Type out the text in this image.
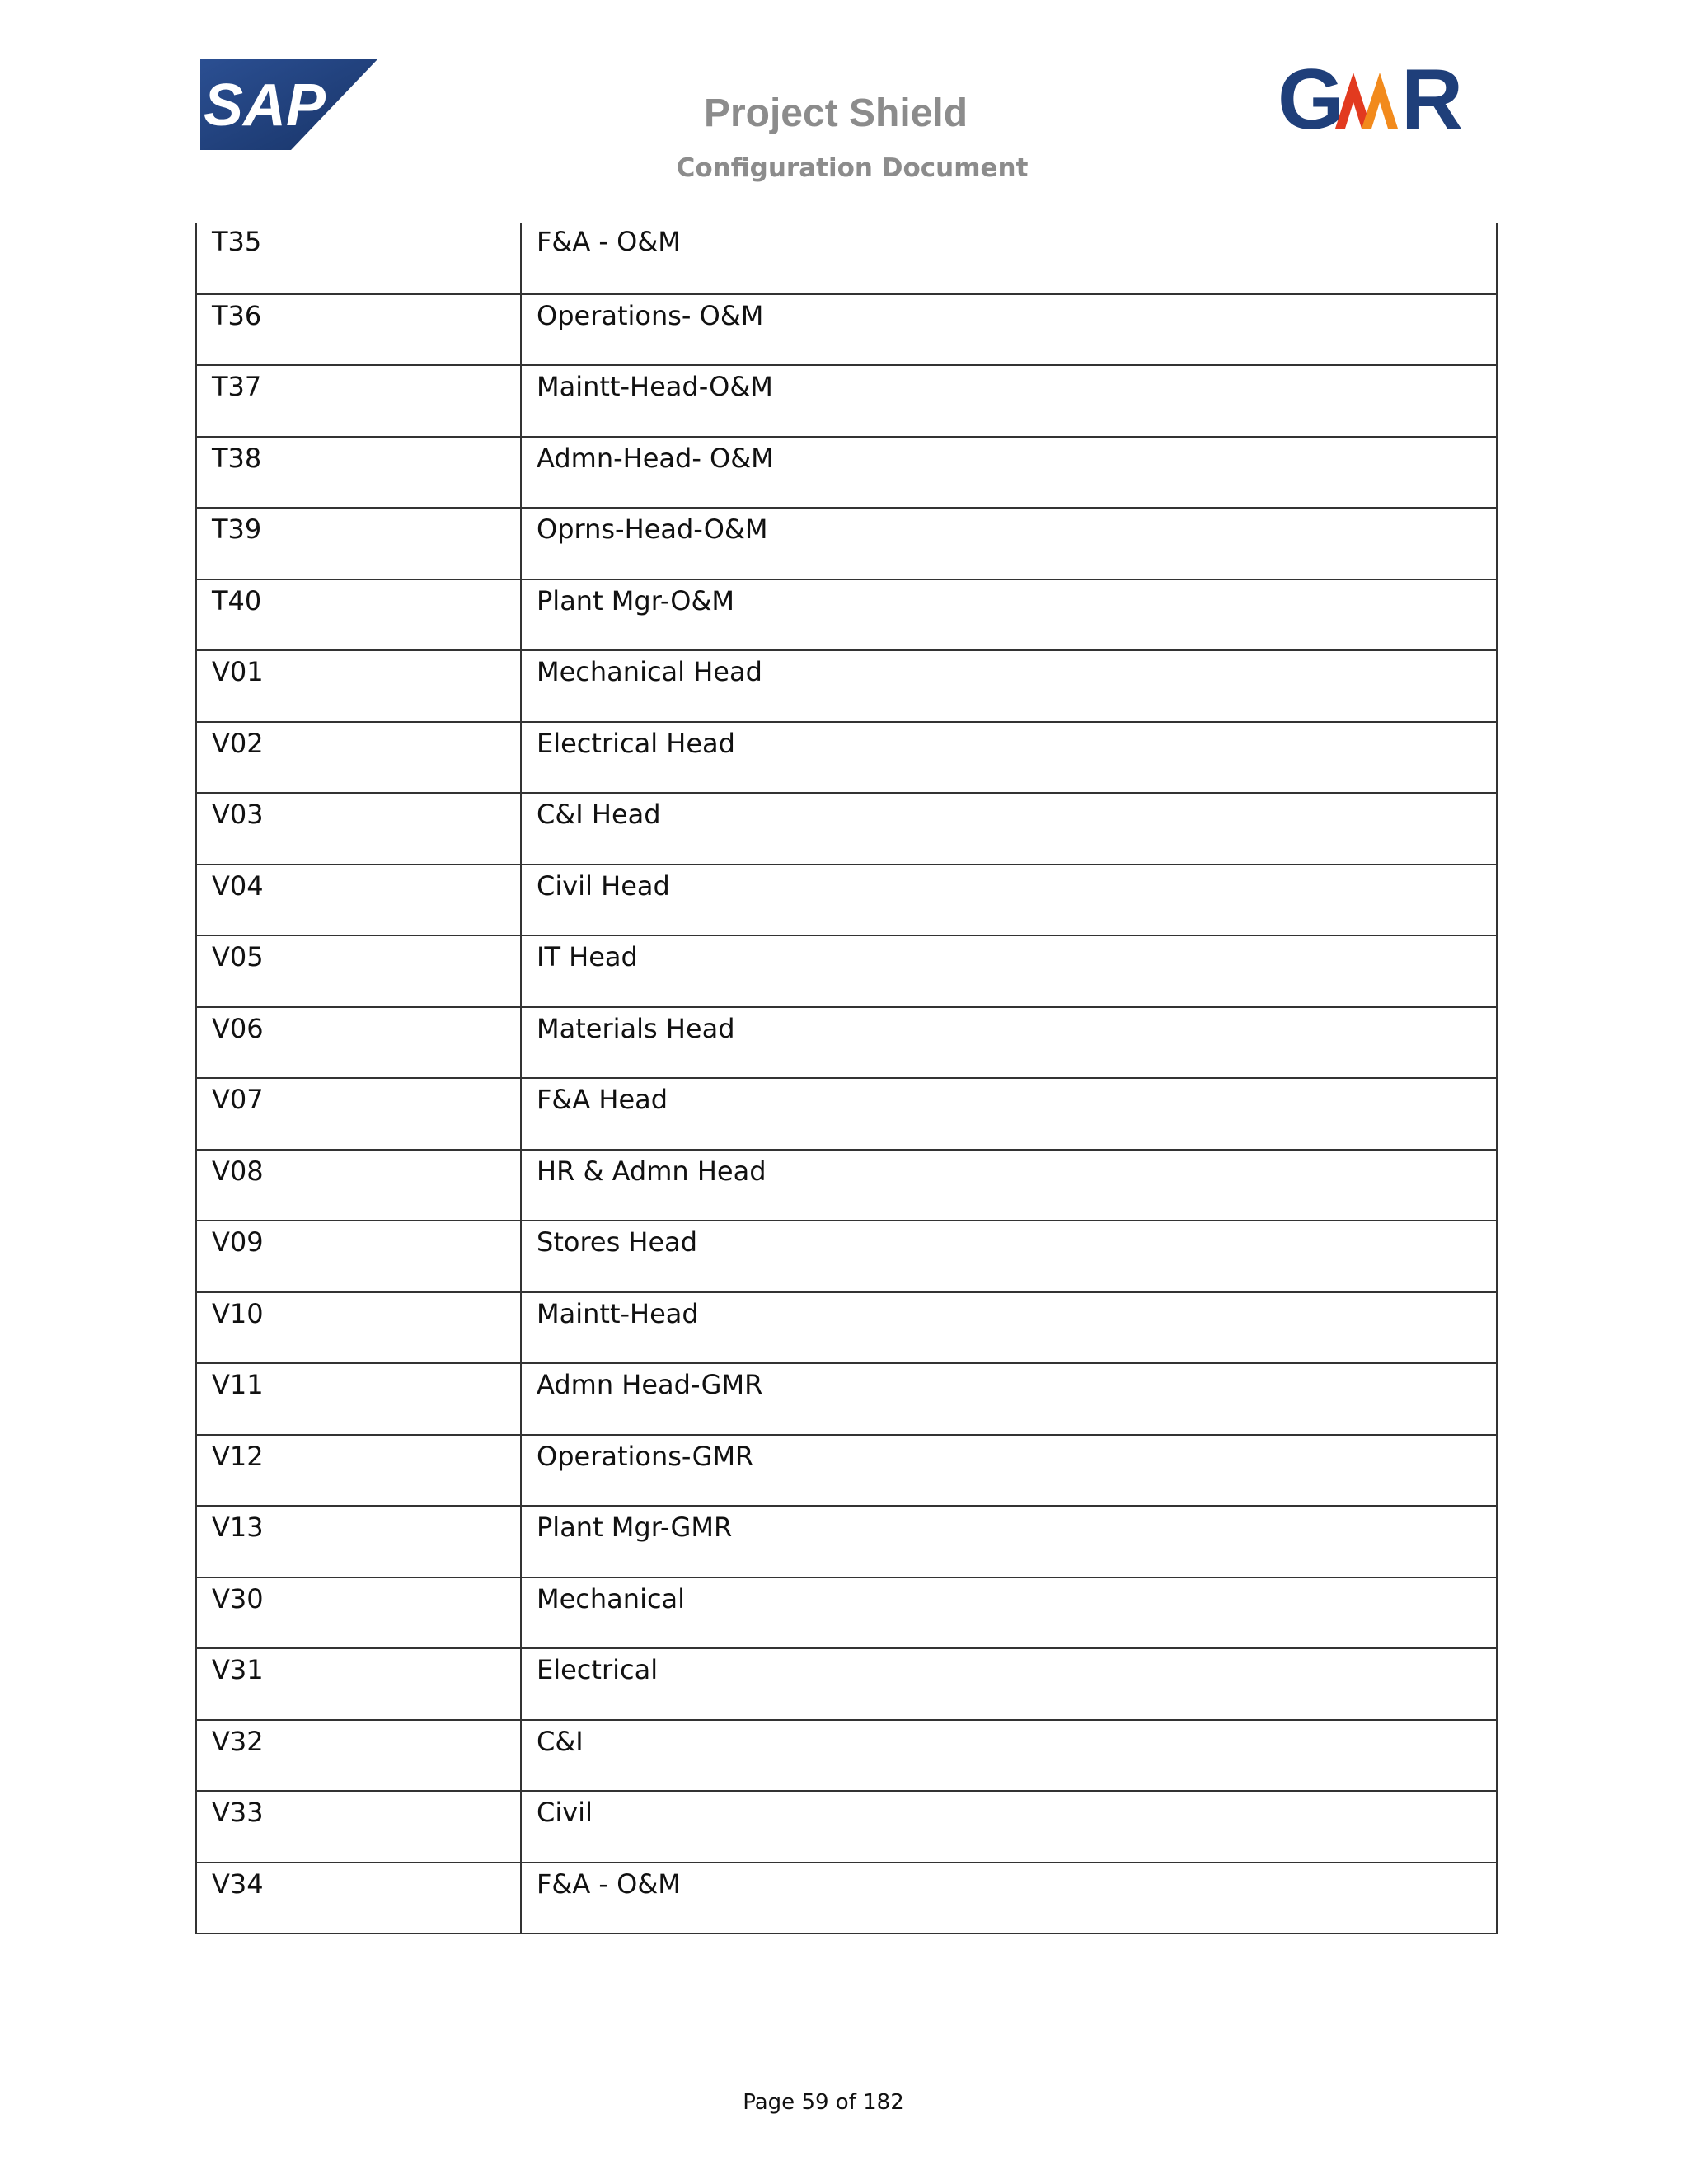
SAP	Project Shield
Configuration Document
G R
T35	F&A - O&M
T36	Operations- O&M
T37	Maintt-Head-O&M
T38	Admn-Head- O&M
T39	Oprns-Head-O&M
T40	Plant Mgr-O&M
V01	Mechanical Head
V02	Electrical Head
V03	C&I Head
V04	Civil Head
V05	IT Head
V06	Materials Head
V07	F&A Head
V08	HR & Admn Head
V09	Stores Head
V10	Maintt-Head
V11	Admn Head-GMR
V12	Operations-GMR
V13	Plant Mgr-GMR
V30	Mechanical
V31	Electrical
V32	C&I
V33	Civil
V34	F&A - O&M
Page 59 of 182
